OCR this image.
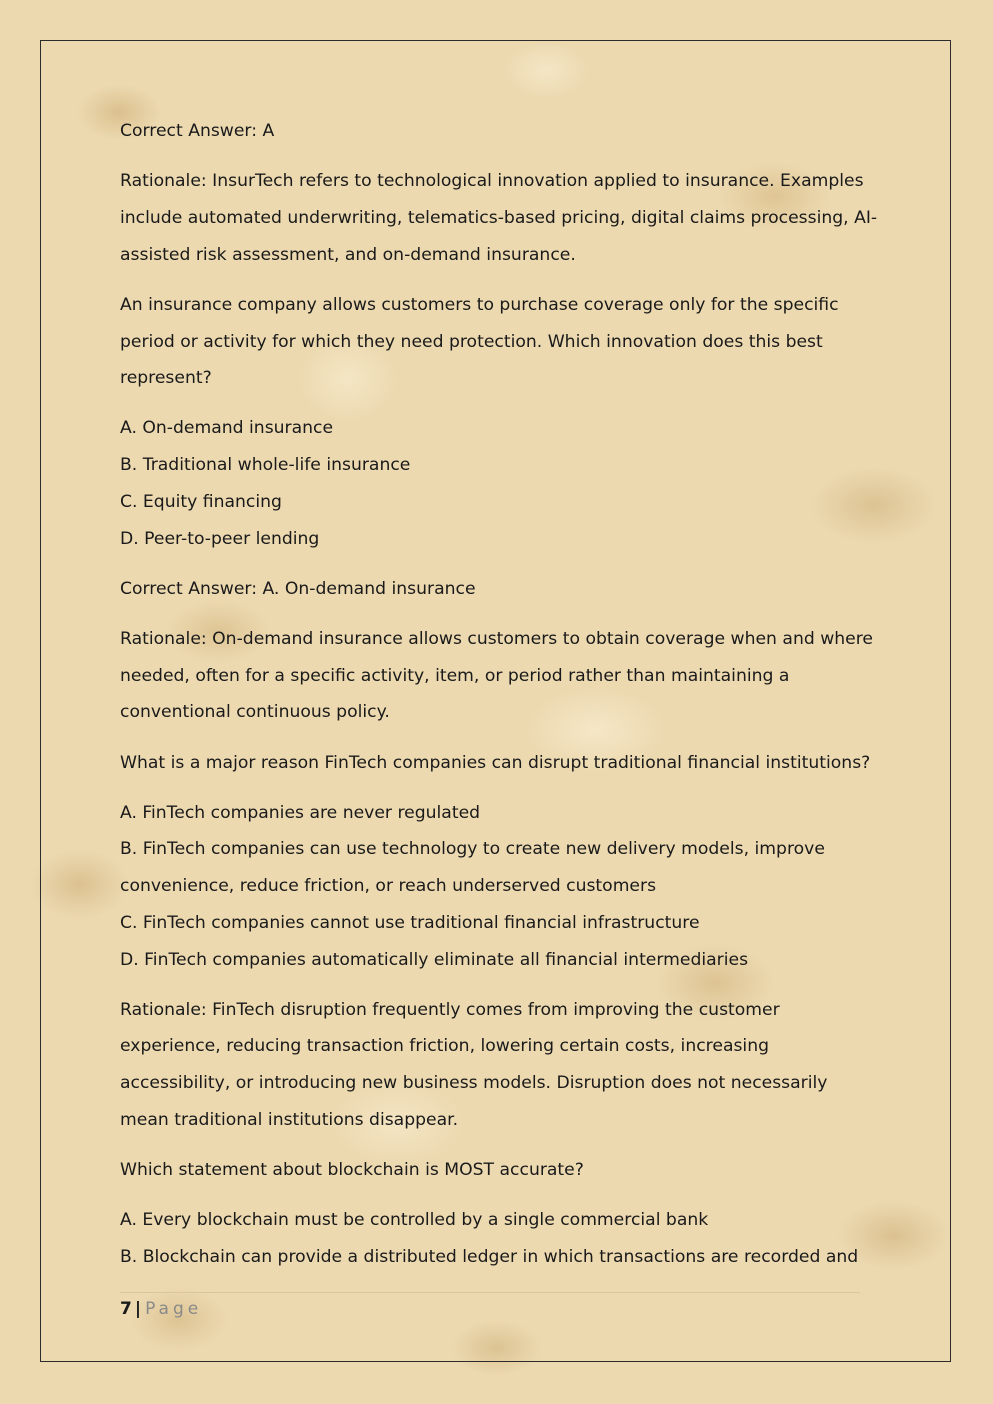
Correct Answer: A

Rationale: InsurTech refers to technological innovation applied to insurance. Examples include automated underwriting, telematics-based pricing, digital claims processing, AI-assisted risk assessment, and on-demand insurance.

An insurance company allows customers to purchase coverage only for the specific period or activity for which they need protection. Which innovation does this best represent?

A. On-demand insurance
B. Traditional whole-life insurance
C. Equity financing
D. Peer-to-peer lending

Correct Answer: A. On-demand insurance

Rationale: On-demand insurance allows customers to obtain coverage when and where needed, often for a specific activity, item, or period rather than maintaining a conventional continuous policy.

What is a major reason FinTech companies can disrupt traditional financial institutions?

A. FinTech companies are never regulated
B. FinTech companies can use technology to create new delivery models, improve convenience, reduce friction, or reach underserved customers
C. FinTech companies cannot use traditional financial infrastructure
D. FinTech companies automatically eliminate all financial intermediaries

Rationale: FinTech disruption frequently comes from improving the customer experience, reducing transaction friction, lowering certain costs, increasing accessibility, or introducing new business models. Disruption does not necessarily mean traditional institutions disappear.

Which statement about blockchain is MOST accurate?

A. Every blockchain must be controlled by a single commercial bank
B. Blockchain can provide a distributed ledger in which transactions are recorded and
7 | Page
